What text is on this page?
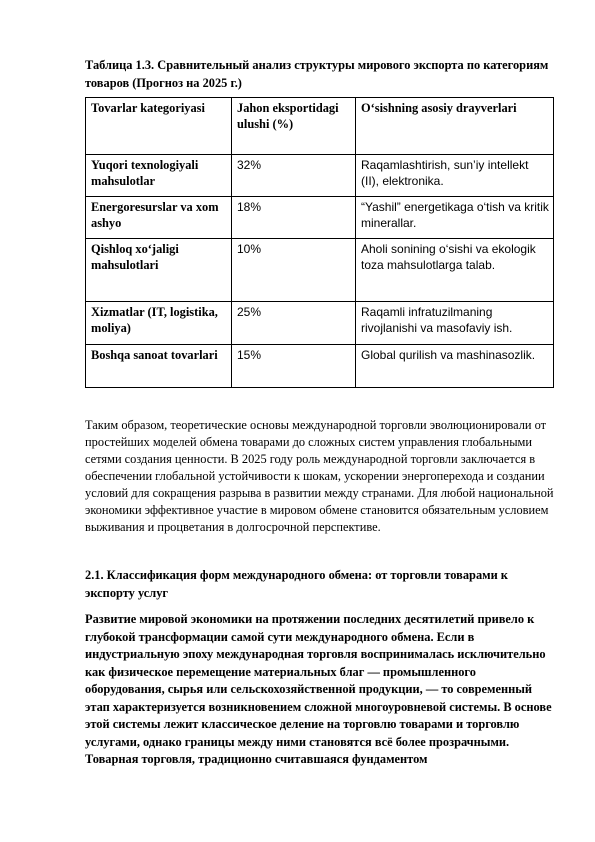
Таблица 1.3. Сравнительный анализ структуры мирового экспорта по категориям товаров (Прогноз на 2025 г.)
Tovarlar kategoriyasi	Jahon eksportidagi ulushi (%)	O‘sishning asosiy drayverlari
Yuqori texnologiyali mahsulotlar	32%	Raqamlashtirish, sun’iy intellekt (II), elektronika.
Energoresurslar va xom ashyo	18%	“Yashil” energetikaga o‘tish va kritik minerallar.
Qishloq xo‘jaligi mahsulotlari	10%	Aholi sonining o‘sishi va ekologik toza mahsulotlarga talab.
Xizmatlar (IT, logistika, moliya)	25%	Raqamli infratuzilmaning rivojlanishi va masofaviy ish.
Boshqa sanoat tovarlari	15%	Global qurilish va mashinasozlik.
Таким образом, теоретические основы международной торговли эволюционировали от простейших моделей обмена товарами до сложных систем управления глобальными сетями создания ценности. В 2025 году роль международной торговли заключается в обеспечении глобальной устойчивости к шокам, ускорении энергоперехода и создании условий для сокращения разрыва в развитии между странами. Для любой национальной экономики эффективное участие в мировом обмене становится обязательным условием выживания и процветания в долгосрочной перспективе.
2.1. Классификация форм международного обмена: от торговли товарами к экспорту услуг
Развитие мировой экономики на протяжении последних десятилетий привело к глубокой трансформации самой сути международного обмена. Если в индустриальную эпоху международная торговля воспринималась исключительно как физическое перемещение материальных благ — промышленного оборудования, сырья или сельскохозяйственной продукции, — то современный этап характеризуется возникновением сложной многоуровневой системы. В основе этой системы лежит классическое деление на торговлю товарами и торговлю услугами, однако границы между ними становятся всё более прозрачными. Товарная торговля, традиционно считавшаяся фундаментом
